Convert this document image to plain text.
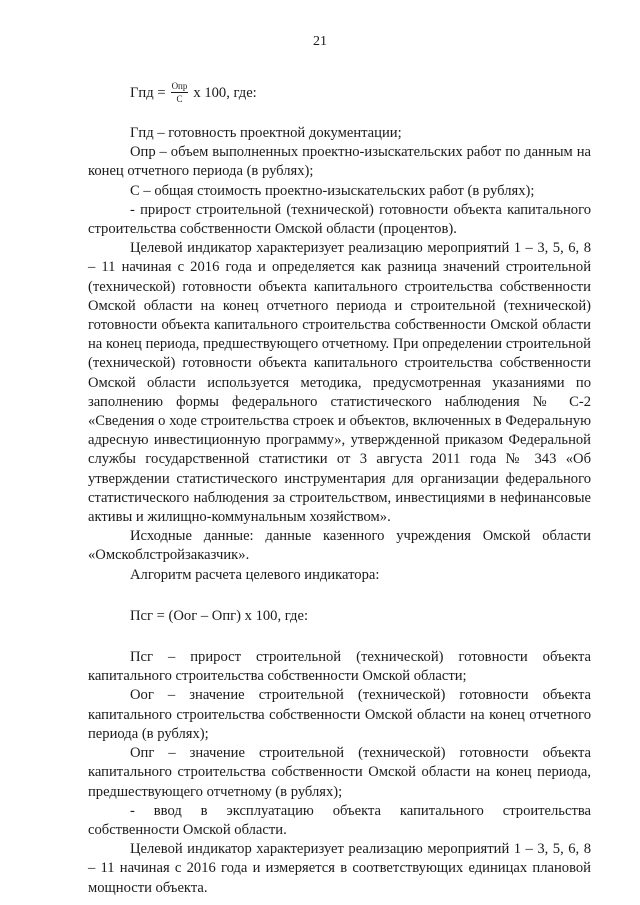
21
Гпд = $\frac{\text{Опр}}{С}$ х 100, где:

Гпд – готовность проектной документации;

Опр – объем выполненных проектно-изыскательских работ по данным на конец отчетного периода (в рублях);

С – общая стоимость проектно-изыскательских работ (в рублях);

- прирост строительной (технической) готовности объекта капитального строительства собственности Омской области (процентов).

Целевой индикатор характеризует реализацию мероприятий 1 – 3, 5, 6, 8 – 11 начиная с 2016 года и определяется как разница значений строительной (технической) готовности объекта капитального строительства собственности Омской области на конец отчетного периода и строительной (технической) готовности объекта капитального строительства собственности Омской области на конец периода, предшествующего отчетному. При определении строительной (технической) готовности объекта капитального строительства собственности Омской области используется методика, предусмотренная указаниями по заполнению формы федерального статистического наблюдения № С-2 «Сведения о ходе строительства строек и объектов, включенных в Федеральную адресную инвестиционную программу», утвержденной приказом Федеральной службы государственной статистики от 3 августа 2011 года № 343 «Об утверждении статистического инструментария для организации федерального статистического наблюдения за строительством, инвестициями в нефинансовые активы и жилищно-коммунальным хозяйством».

Исходные данные: данные казенного учреждения Омской области «Омскоблстройзаказчик».

Алгоритм расчета целевого индикатора:

Псг = (Оог – Опг) х 100, где:

Псг – прирост строительной (технической) готовности объекта капитального строительства собственности Омской области;

Оог – значение строительной (технической) готовности объекта капитального строительства собственности Омской области на конец отчетного периода (в рублях);

Опг – значение строительной (технической) готовности объекта капитального строительства собственности Омской области на конец периода, предшествующего отчетному (в рублях);

- ввод в эксплуатацию объекта капитального строительства собственности Омской области.

Целевой индикатор характеризует реализацию мероприятий 1 – 3, 5, 6, 8 – 11 начиная с 2016 года и измеряется в соответствующих единицах плановой мощности объекта.
